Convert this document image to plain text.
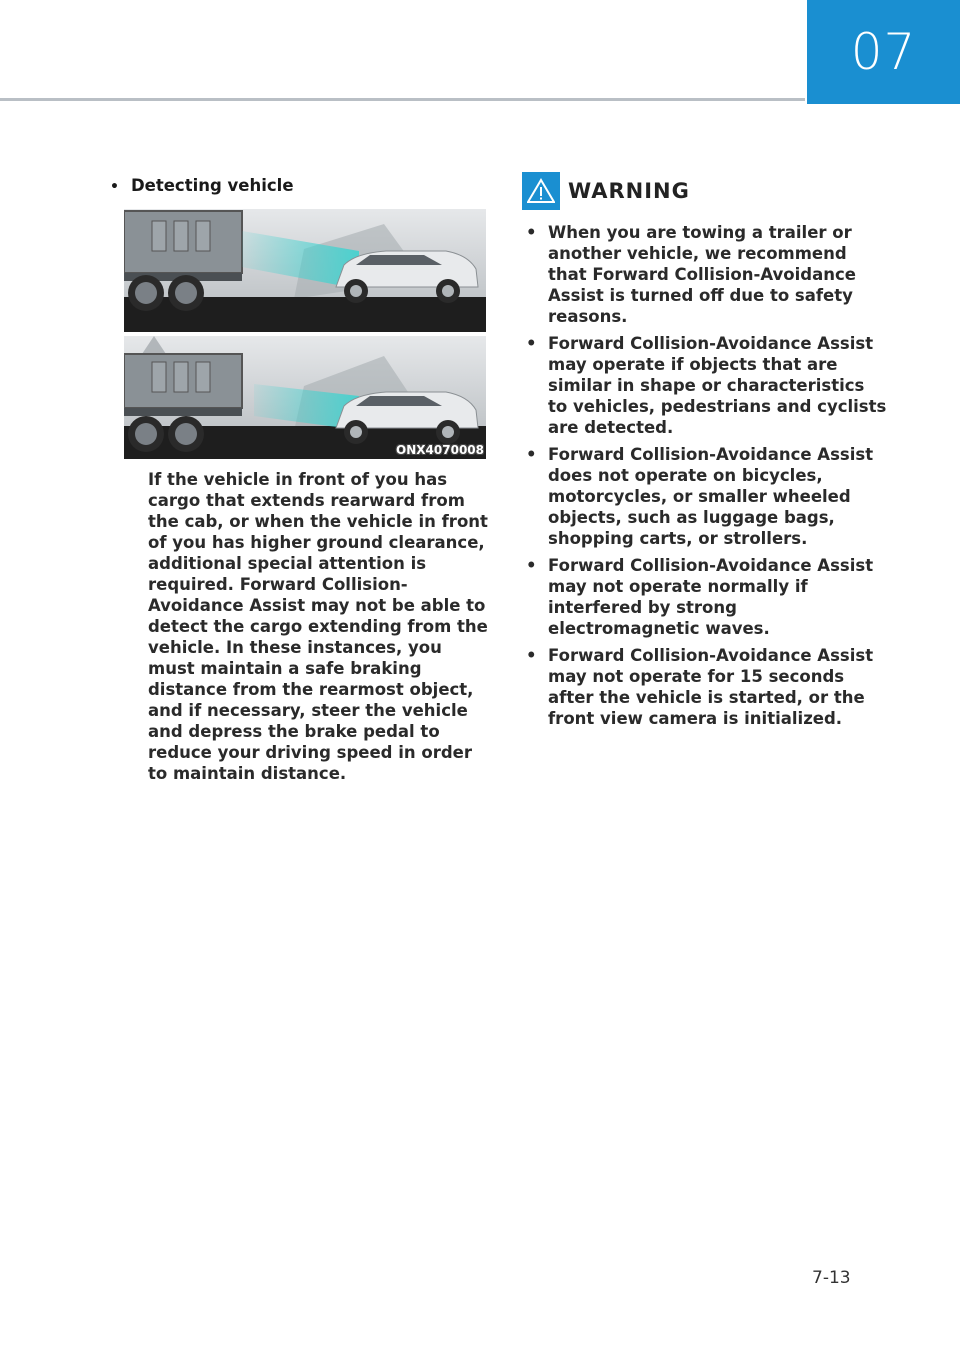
07
• Detecting vehicle
ONX4070008

If the vehicle in front of you has cargo that extends rearward from the cab, or when the vehicle in front of you has higher ground clearance, additional special attention is required. Forward Collision-Avoidance Assist may not be able to detect the cargo extending from the vehicle. In these instances, you must maintain a safe braking distance from the rearmost object, and if necessary, steer the vehicle and depress the brake pedal to reduce your driving speed in order to maintain distance.

WARNING
• When you are towing a trailer or another vehicle, we recommend that Forward Collision-Avoidance Assist is turned off due to safety reasons.
• Forward Collision-Avoidance Assist may operate if objects that are similar in shape or characteristics to vehicles, pedestrians and cyclists are detected.
• Forward Collision-Avoidance Assist does not operate on bicycles, motorcycles, or smaller wheeled objects, such as luggage bags, shopping carts, or strollers.
• Forward Collision-Avoidance Assist may not operate normally if interfered by strong electromagnetic waves.
• Forward Collision-Avoidance Assist may not operate for 15 seconds after the vehicle is started, or the front view camera is initialized.
7-13
